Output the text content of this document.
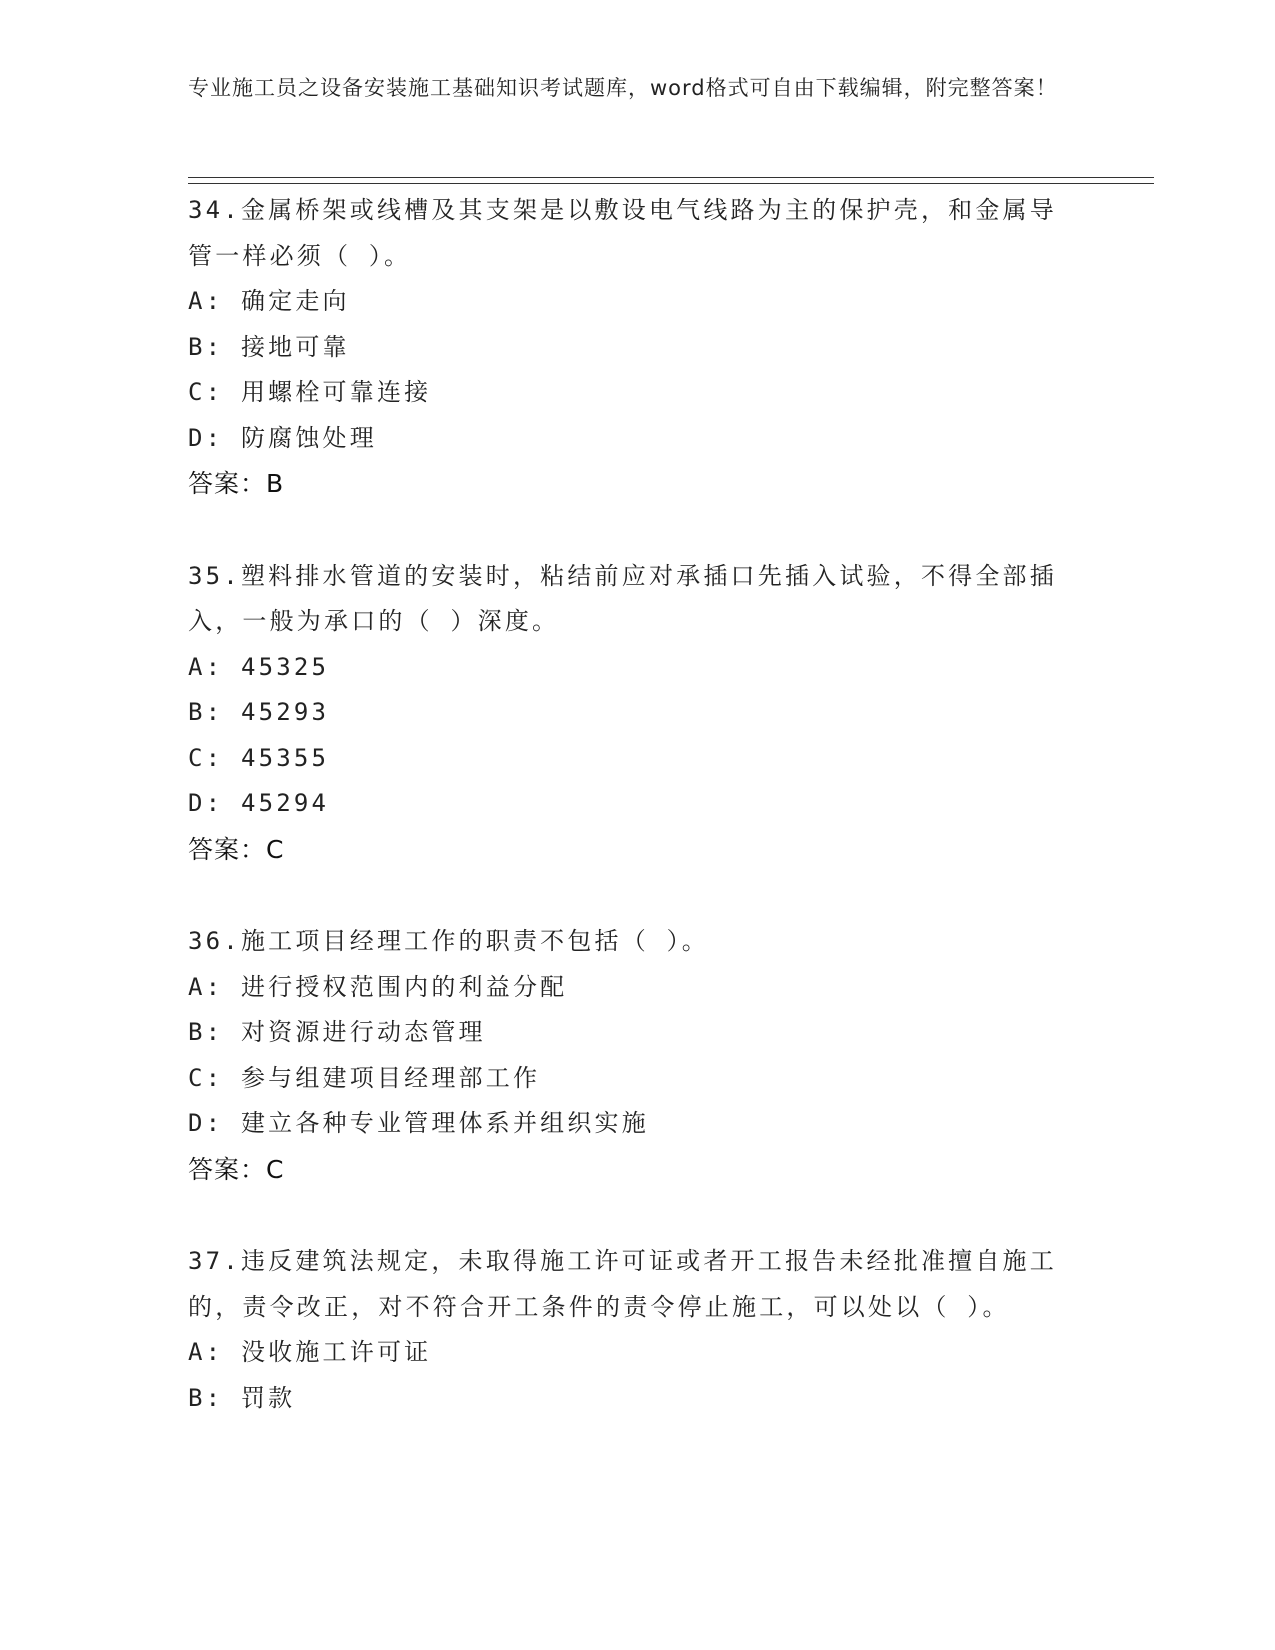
专业施工员之设备安装施工基础知识考试题库，word格式可自由下载编辑，附完整答案！
34.金属桥架或线槽及其支架是以敷设电气线路为主的保护壳，和金属导管一样必须（ ）。
A: 确定走向
B: 接地可靠
C: 用螺栓可靠连接
D: 防腐蚀处理
答案：B
35.塑料排水管道的安装时，粘结前应对承插口先插入试验，不得全部插入，一般为承口的（ ）深度。
A: 45325
B: 45293
C: 45355
D: 45294
答案：C
36.施工项目经理工作的职责不包括（ ）。
A: 进行授权范围内的利益分配
B: 对资源进行动态管理
C: 参与组建项目经理部工作
D: 建立各种专业管理体系并组织实施
答案：C
37.违反建筑法规定，未取得施工许可证或者开工报告未经批准擅自施工的，责令改正，对不符合开工条件的责令停止施工，可以处以（ ）。
A: 没收施工许可证
B: 罚款
